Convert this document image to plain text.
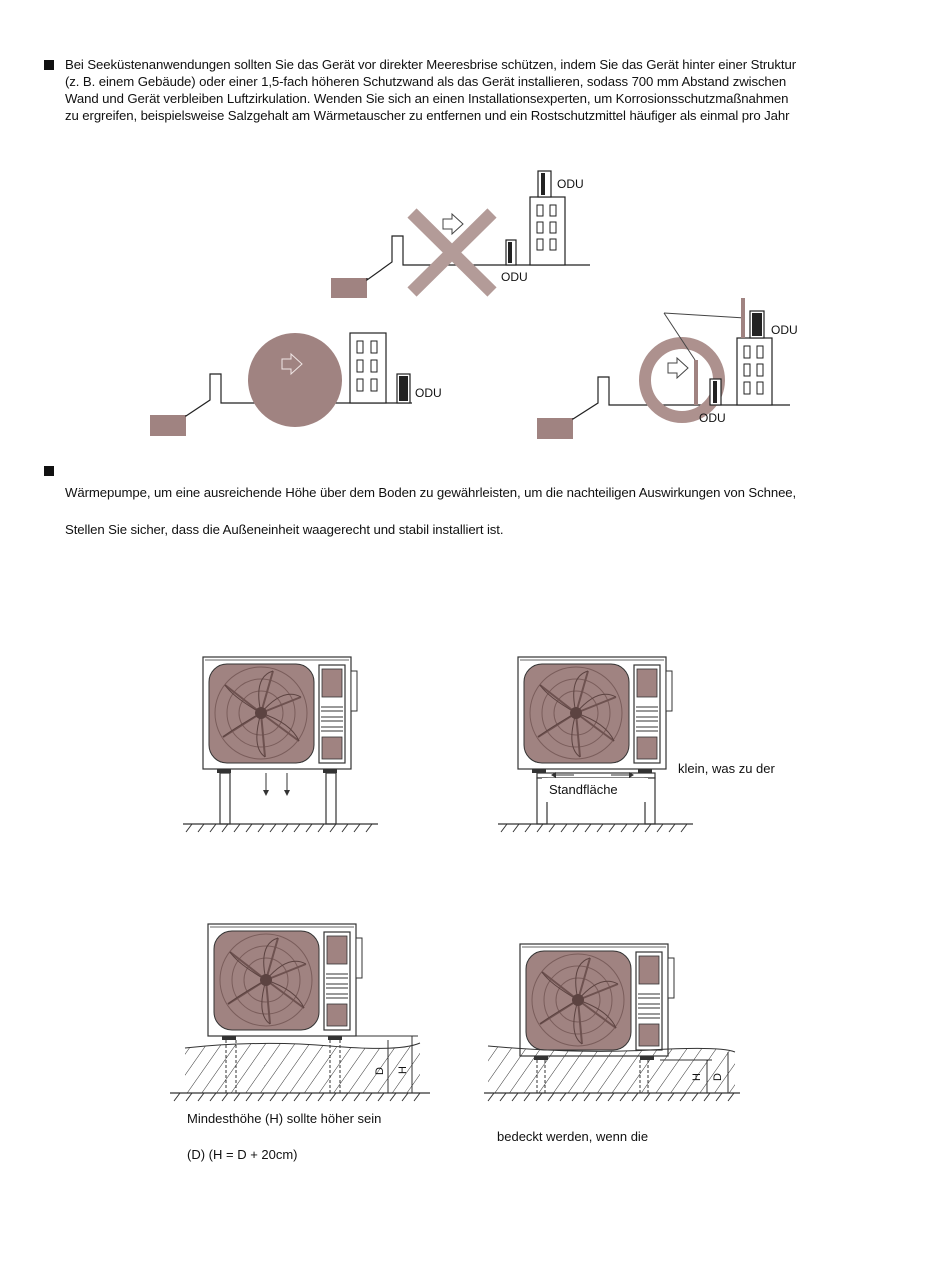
Bei Seeküstenanwendungen sollten Sie das Gerät vor direkter Meeresbrise schützen, indem Sie das Gerät hinter einer Struktur
(z. B. einem Gebäude) oder einer 1,5-fach höheren Schutzwand als das Gerät installieren, sodass 700 mm Abstand zwischen
Wand und Gerät verbleiben Luftzirkulation. Wenden Sie sich an einen Installationsexperten, um Korrosionsschutzmaßnahmen
zu ergreifen, beispielsweise Salzgehalt am Wärmetauscher zu entfernen und ein Rostschutzmittel häufiger als einmal pro Jahr
ODU
ODU
ODU
ODU
ODU
Wärmepumpe, um eine ausreichende Höhe über dem Boden zu gewährleisten, um die nachteiligen Auswirkungen von Schnee,
Stellen Sie sicher, dass die Außeneinheit waagerecht und stabil installiert ist.
klein, was zu der
Standfläche
D H
H D
Mindesthöhe (H) sollte höher sein
(D) (H = D + 20cm)
bedeckt werden, wenn die
